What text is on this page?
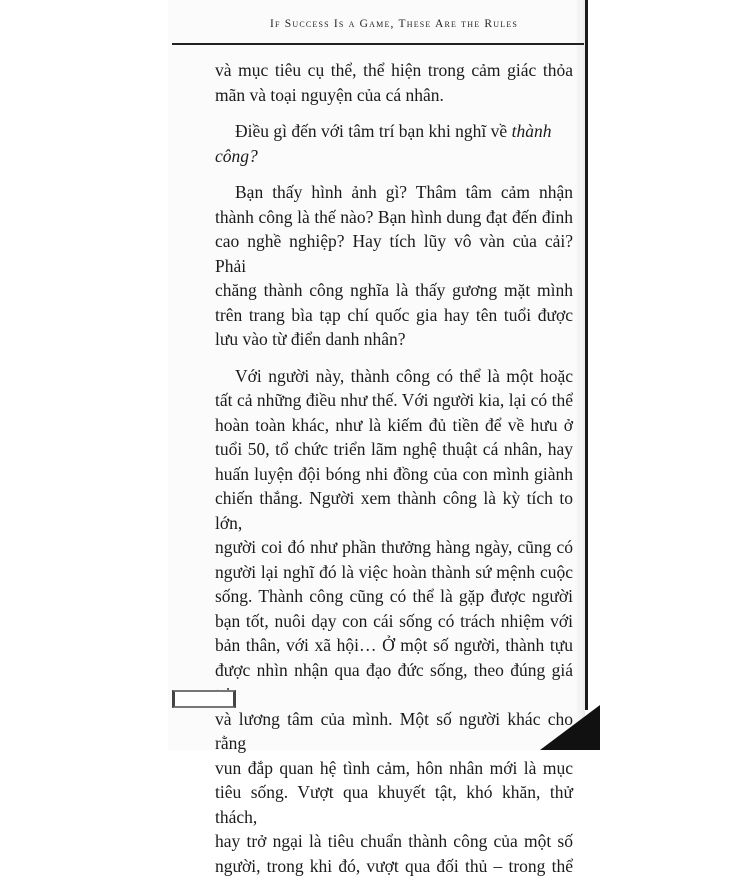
If Success Is a Game, These Are the Rules

và mục tiêu cụ thể, thể hiện trong cảm giác thỏa
mãn và toại nguyện của cá nhân.

Điều gì đến với tâm trí bạn khi nghĩ về thành
công?

Bạn thấy hình ảnh gì? Thâm tâm cảm nhận
thành công là thế nào? Bạn hình dung đạt đến đỉnh
cao nghề nghiệp? Hay tích lũy vô vàn của cải? Phải
chăng thành công nghĩa là thấy gương mặt mình
trên trang bìa tạp chí quốc gia hay tên tuổi được
lưu vào từ điển danh nhân?

Với người này, thành công có thể là một hoặc
tất cả những điều như thế. Với người kia, lại có thể
hoàn toàn khác, như là kiếm đủ tiền để về hưu ở
tuổi 50, tổ chức triển lãm nghệ thuật cá nhân, hay
huấn luyện đội bóng nhi đồng của con mình giành
chiến thắng. Người xem thành công là kỳ tích to lớn,
người coi đó như phần thưởng hàng ngày, cũng có
người lại nghĩ đó là việc hoàn thành sứ mệnh cuộc
sống. Thành công cũng có thể là gặp được người
bạn tốt, nuôi dạy con cái sống có trách nhiệm với
bản thân, với xã hội… Ở một số người, thành tựu
được nhìn nhận qua đạo đức sống, theo đúng giá
và lương tâm của mình. Một số người khác cho rằng
vun đắp quan hệ tình cảm, hôn nhân mới là mục
tiêu sống. Vượt qua khuyết tật, khó khăn, thử thách,
hay trở ngại là tiêu chuẩn thành công của một số
người, trong khi đó, vượt qua đối thủ – trong thể
